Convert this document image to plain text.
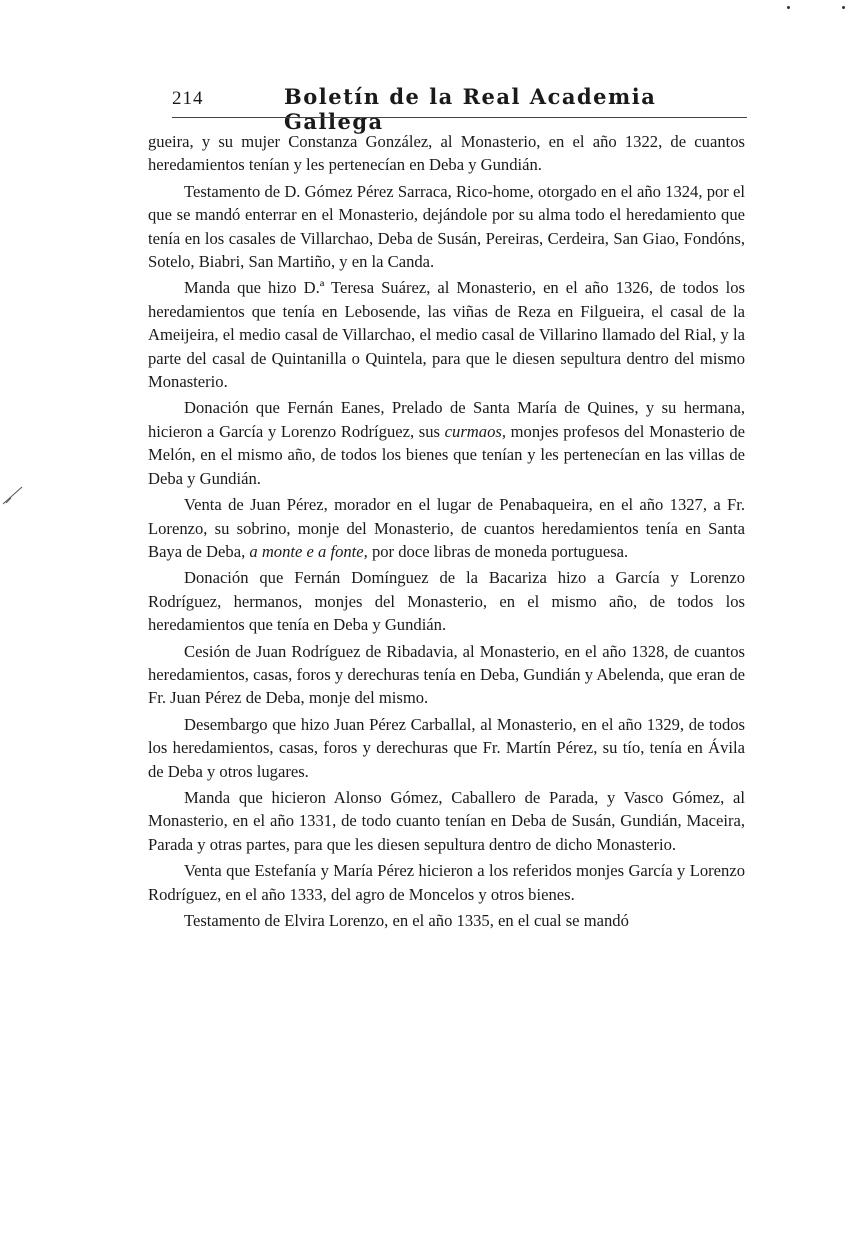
214	Boletín de la Real Academia Gallega

gueira, y su mujer Constanza González, al Monasterio, en el año 1322, de cuantos heredamientos tenían y les pertenecían en Deba y Gundián.

Testamento de D. Gómez Pérez Sarraca, Rico-home, otorgado en el año 1324, por el que se mandó enterrar en el Monasterio, dejándole por su alma todo el heredamiento que tenía en los casales de Villarchao, Deba de Susán, Pereiras, Cerdeira, San Giao, Fondóns, Sotelo, Biabri, San Martiño, y en la Canda.

Manda que hizo D.ª Teresa Suárez, al Monasterio, en el año 1326, de todos los heredamientos que tenía en Lebosende, las viñas de Reza en Filgueira, el casal de la Ameijeira, el medio casal de Villarchao, el medio casal de Villarino llamado del Rial, y la parte del casal de Quintanilla o Quintela, para que le diesen sepultura dentro del mismo Monasterio.

Donación que Fernán Eanes, Prelado de Santa María de Quines, y su hermana, hicieron a García y Lorenzo Rodríguez, sus curmaos, monjes profesos del Monasterio de Melón, en el mismo año, de todos los bienes que tenían y les pertenecían en las villas de Deba y Gundián.

Venta de Juan Pérez, morador en el lugar de Penabaqueira, en el año 1327, a Fr. Lorenzo, su sobrino, monje del Monasterio, de cuantos heredamientos tenía en Santa Baya de Deba, a monte e a fonte, por doce libras de moneda portuguesa.

Donación que Fernán Domínguez de la Bacariza hizo a García y Lorenzo Rodríguez, hermanos, monjes del Monasterio, en el mismo año, de todos los heredamientos que tenía en Deba y Gundián.

Cesión de Juan Rodríguez de Ribadavia, al Monasterio, en el año 1328, de cuantos heredamientos, casas, foros y derechuras tenía en Deba, Gundián y Abelenda, que eran de Fr. Juan Pérez de Deba, monje del mismo.

Desembargo que hizo Juan Pérez Carballal, al Monasterio, en el año 1329, de todos los heredamientos, casas, foros y derechuras que Fr. Martín Pérez, su tío, tenía en Ávila de Deba y otros lugares.

Manda que hicieron Alonso Gómez, Caballero de Parada, y Vasco Gómez, al Monasterio, en el año 1331, de todo cuanto tenían en Deba de Susán, Gundián, Maceira, Parada y otras partes, para que les diesen sepultura dentro de dicho Monasterio.

Venta que Estefanía y María Pérez hicieron a los referidos monjes García y Lorenzo Rodríguez, en el año 1333, del agro de Moncelos y otros bienes.

Testamento de Elvira Lorenzo, en el año 1335, en el cual se mandó
